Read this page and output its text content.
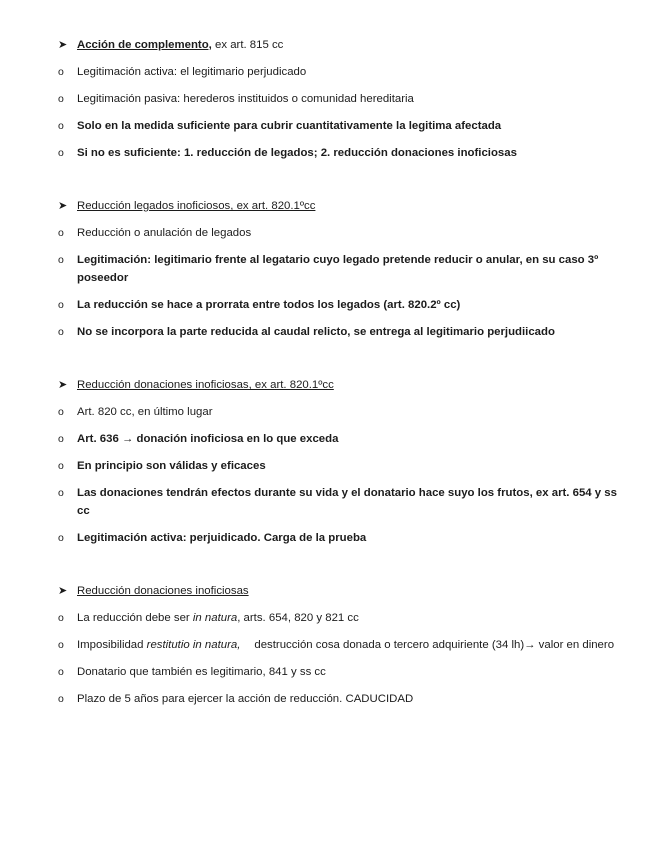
➤ Acción de complemento, ex art. 815 cc
o	Legitimación activa: el legitimario perjudicado
o	Legitimación pasiva: herederos instituidos o comunidad hereditaria
o	Solo en la medida suficiente para cubrir cuantitativamente la legitima afectada
o	Si no es suficiente: 1. reducción de legados; 2. reducción donaciones inoficiosas
➤ Reducción legados inoficiosos, ex art. 820.1ºcc
o	Reducción o anulación de legados
o	Legitimación: legitimario frente al legatario cuyo legado pretende reducir o anular, en su caso 3º poseedor
o	La reducción se hace a prorrata entre todos los legados (art. 820.2º cc)
o	No se incorpora la parte reducida al caudal relicto, se entrega al legitimario perjudiicado
➤ Reducción donaciones inoficiosas, ex art. 820.1ºcc
o	Art. 820 cc, en último lugar
o	Art. 636 → donación inoficiosa en lo que exceda
o	En principio son válidas y eficaces
o	Las donaciones tendrán efectos durante su vida y el donatario hace suyo los frutos, ex art. 654 y ss cc
o	Legitimación activa: perjuidicado. Carga de la prueba
➤ Reducción donaciones inoficiosas
o	La reducción debe ser in natura, arts. 654, 820 y 821 cc
o	Imposibilidad restitutio in natura, destrucción cosa donada o tercero adquiriente (34 lh)→ valor en dinero
o	Donatario que también es legitimario, 841 y ss cc
o	Plazo de 5 años para ejercer la acción de reducción. CADUCIDAD
